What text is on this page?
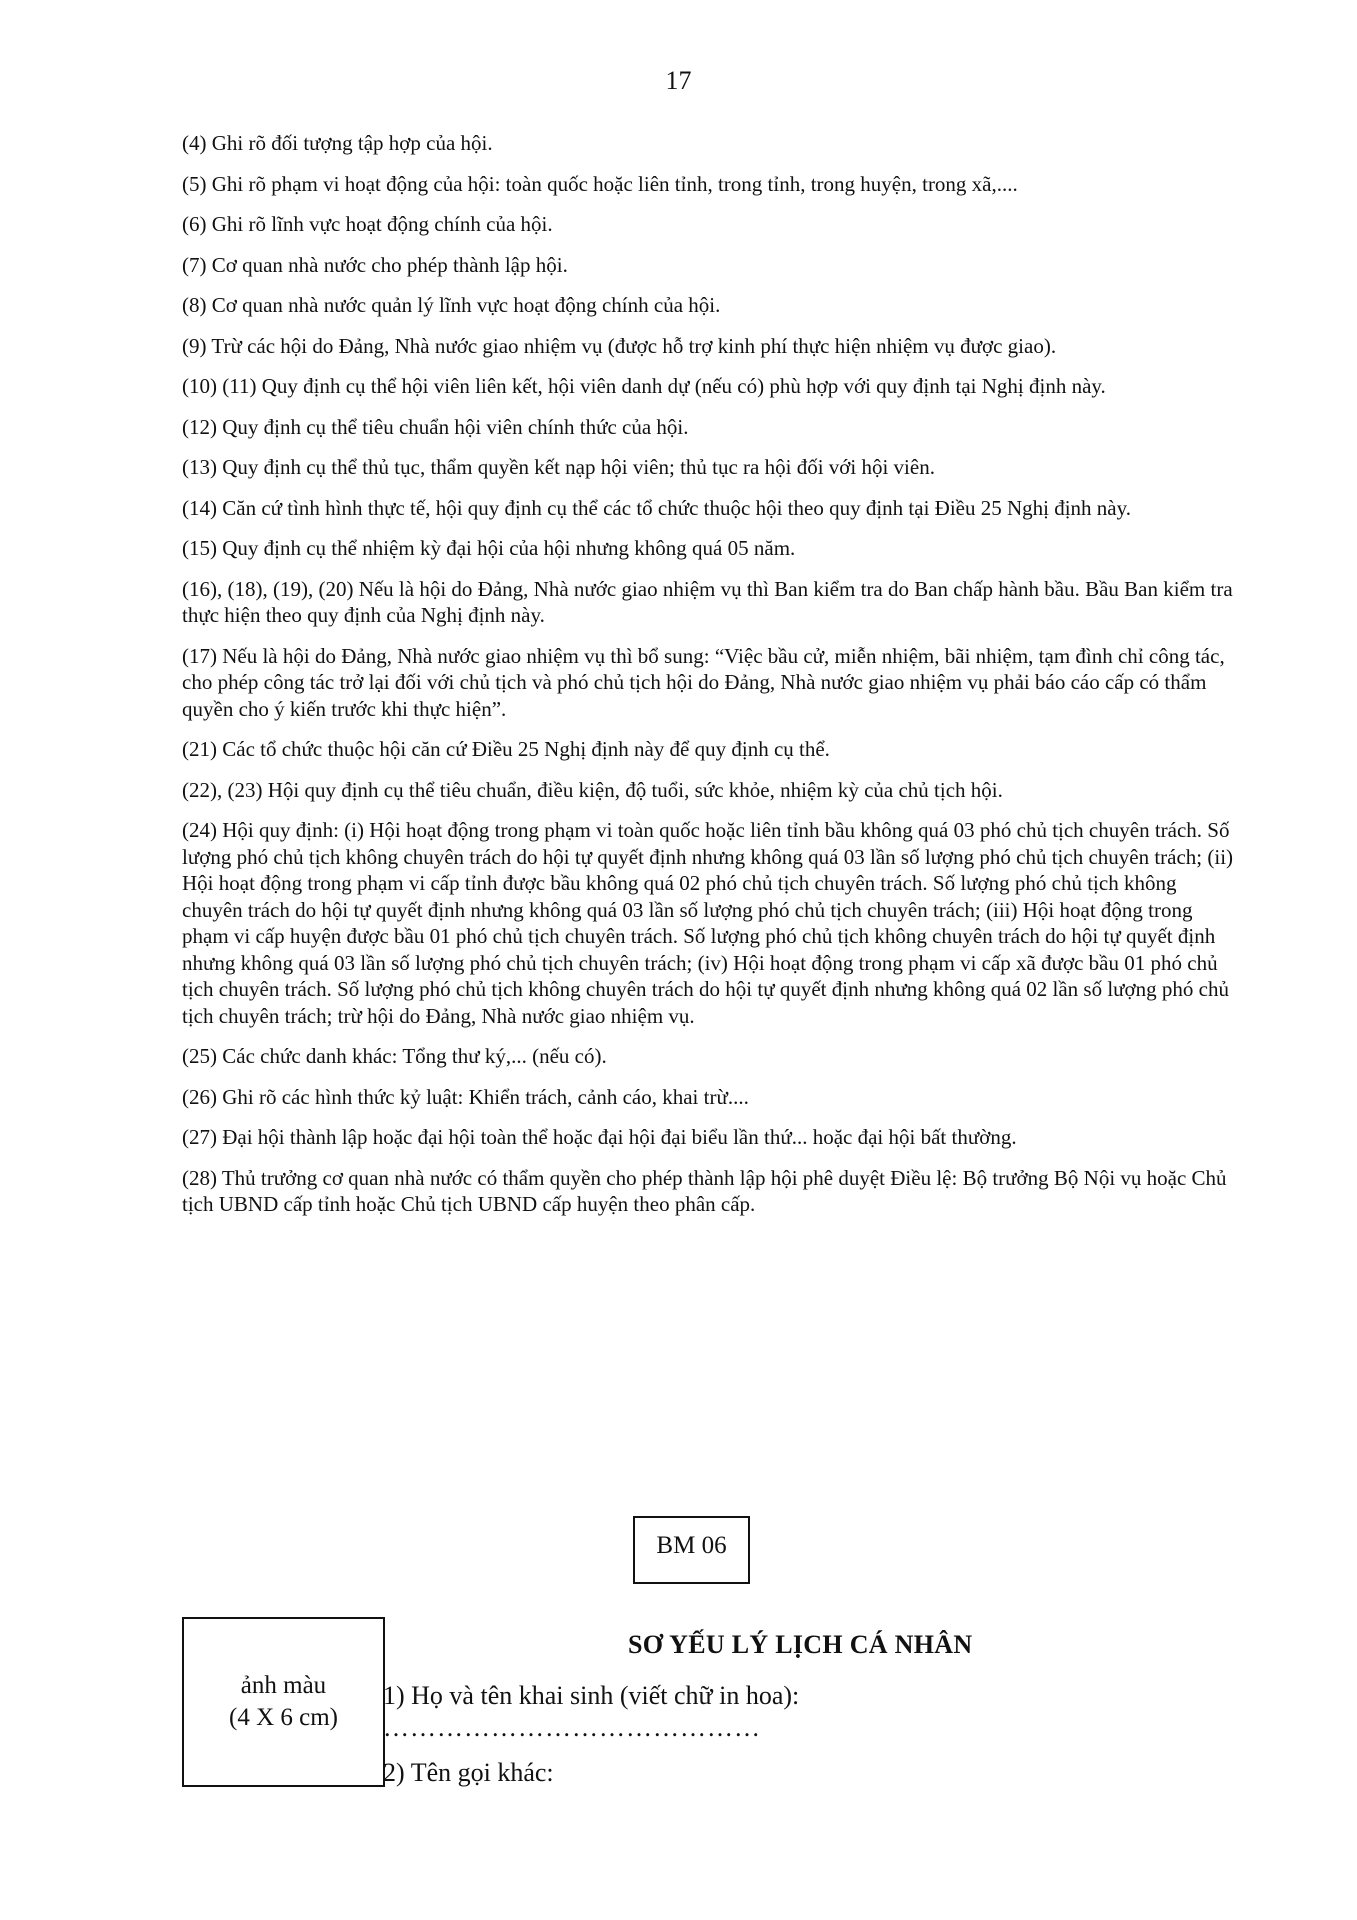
17

(4) Ghi rõ đối tượng tập hợp của hội.

(5) Ghi rõ phạm vi hoạt động của hội: toàn quốc hoặc liên tỉnh, trong tỉnh, trong huyện, trong xã,....

(6) Ghi rõ lĩnh vực hoạt động chính của hội.

(7) Cơ quan nhà nước cho phép thành lập hội.

(8) Cơ quan nhà nước quản lý lĩnh vực hoạt động chính của hội.

(9) Trừ các hội do Đảng, Nhà nước giao nhiệm vụ (được hỗ trợ kinh phí thực hiện nhiệm vụ được giao).

(10) (11) Quy định cụ thể hội viên liên kết, hội viên danh dự (nếu có) phù hợp với quy định tại Nghị định này.

(12) Quy định cụ thể tiêu chuẩn hội viên chính thức của hội.

(13) Quy định cụ thể thủ tục, thẩm quyền kết nạp hội viên; thủ tục ra hội đối với hội viên.

(14) Căn cứ tình hình thực tế, hội quy định cụ thể các tổ chức thuộc hội theo quy định tại Điều 25 Nghị định này.

(15) Quy định cụ thể nhiệm kỳ đại hội của hội nhưng không quá 05 năm.

(16), (18), (19), (20) Nếu là hội do Đảng, Nhà nước giao nhiệm vụ thì Ban kiểm tra do Ban chấp hành bầu. Bầu Ban kiểm tra thực hiện theo quy định của Nghị định này.

(17) Nếu là hội do Đảng, Nhà nước giao nhiệm vụ thì bổ sung: “Việc bầu cử, miễn nhiệm, bãi nhiệm, tạm đình chỉ công tác, cho phép công tác trở lại đối với chủ tịch và phó chủ tịch hội do Đảng, Nhà nước giao nhiệm vụ phải báo cáo cấp có thẩm quyền cho ý kiến trước khi thực hiện”.

(21) Các tổ chức thuộc hội căn cứ Điều 25 Nghị định này để quy định cụ thể.

(22), (23) Hội quy định cụ thể tiêu chuẩn, điều kiện, độ tuổi, sức khỏe, nhiệm kỳ của chủ tịch hội.

(24) Hội quy định: (i) Hội hoạt động trong phạm vi toàn quốc hoặc liên tỉnh bầu không quá 03 phó chủ tịch chuyên trách. Số lượng phó chủ tịch không chuyên trách do hội tự quyết định nhưng không quá 03 lần số lượng phó chủ tịch chuyên trách; (ii) Hội hoạt động trong phạm vi cấp tỉnh được bầu không quá 02 phó chủ tịch chuyên trách. Số lượng phó chủ tịch không chuyên trách do hội tự quyết định nhưng không quá 03 lần số lượng phó chủ tịch chuyên trách; (iii) Hội hoạt động trong phạm vi cấp huyện được bầu 01 phó chủ tịch chuyên trách. Số lượng phó chủ tịch không chuyên trách do hội tự quyết định nhưng không quá 03 lần số lượng phó chủ tịch chuyên trách; (iv) Hội hoạt động trong phạm vi cấp xã được bầu 01 phó chủ tịch chuyên trách. Số lượng phó chủ tịch không chuyên trách do hội tự quyết định nhưng không quá 02 lần số lượng phó chủ tịch chuyên trách; trừ hội do Đảng, Nhà nước giao nhiệm vụ.

(25) Các chức danh khác: Tổng thư ký,... (nếu có).

(26) Ghi rõ các hình thức kỷ luật: Khiển trách, cảnh cáo, khai trừ....

(27) Đại hội thành lập hoặc đại hội toàn thể hoặc đại hội đại biểu lần thứ... hoặc đại hội bất thường.

(28) Thủ trưởng cơ quan nhà nước có thẩm quyền cho phép thành lập hội phê duyệt Điều lệ: Bộ trưởng Bộ Nội vụ hoặc Chủ tịch UBND cấp tỉnh hoặc Chủ tịch UBND cấp huyện theo phân cấp.

BM 06
ảnh màu
(4 X 6 cm)
SƠ YẾU LÝ LỊCH CÁ NHÂN
1) Họ và tên khai sinh (viết chữ in hoa):
……………………………………
2) Tên gọi khác:
